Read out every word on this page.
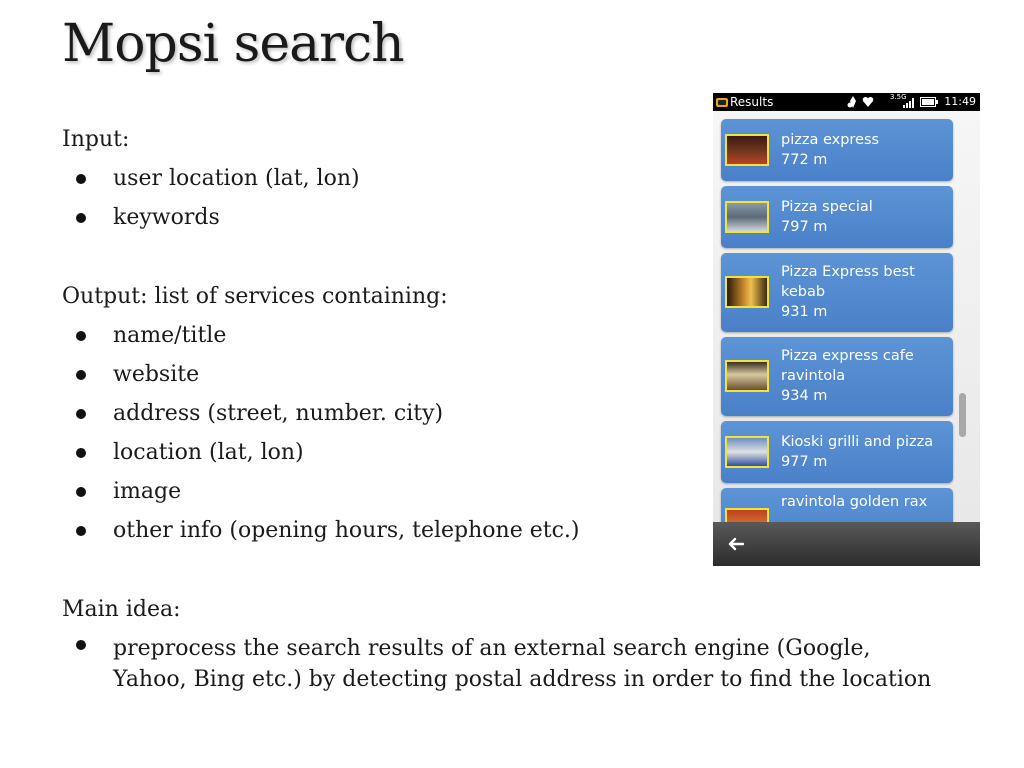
Mopsi search

Input:

user location (lat, lon)
keywords

Output: list of services containing:

name/title
website
address (street, number. city)
location (lat, lon)
image
other info (opening hours, telephone etc.)

Main idea:

preprocess the search results of an external search engine (Google, Yahoo, Bing etc.) by detecting postal address in order to find the location
Results	3.5G	11:49
pizza express
772 m
Pizza special
797 m
Pizza Express best
kebab
931 m
Pizza express cafe
ravintola
934 m
Kioski grilli and pizza
977 m
ravintola golden rax
